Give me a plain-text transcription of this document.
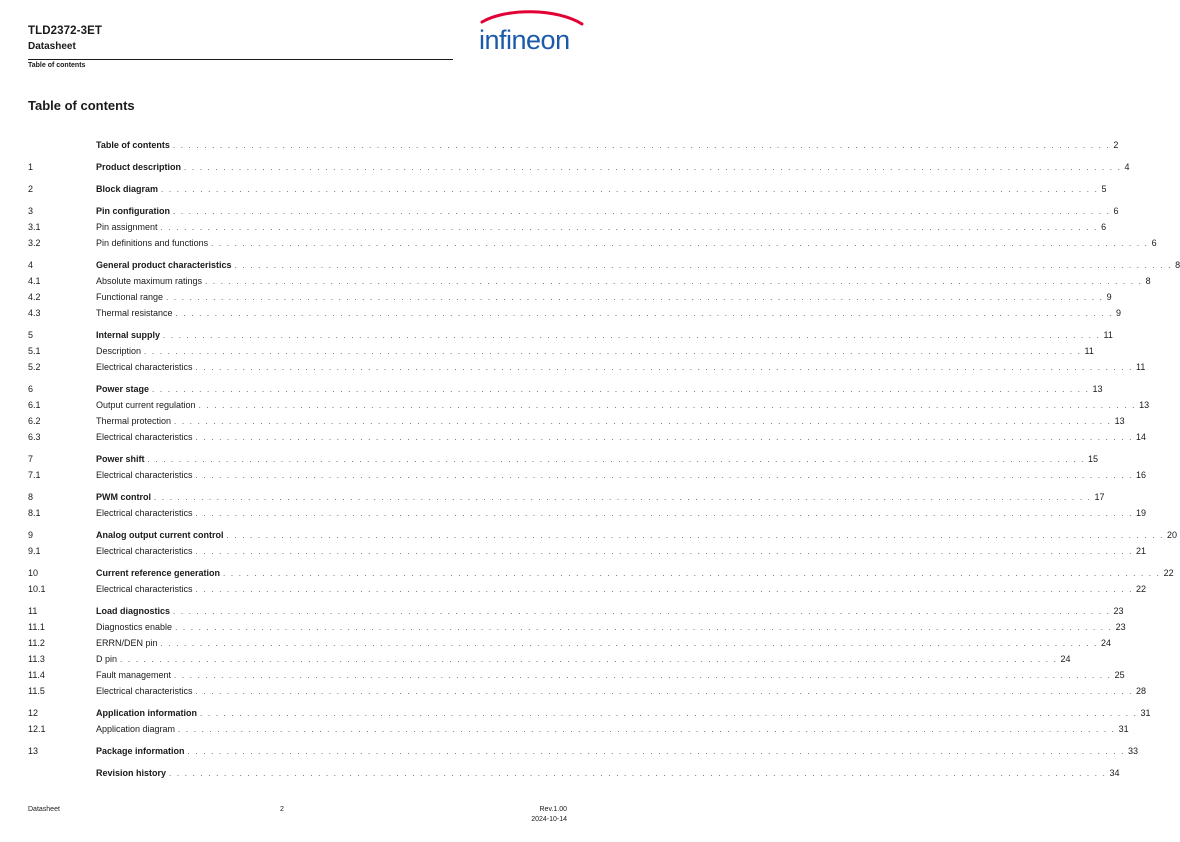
TLD2372-3ET
Datasheet
Table of contents
infineon
Table of contents
Table of contents . . . . . . . . . . . . . . . . . . . . . . . . . . . . . . . . . . . . . . . . . . . . . . . . . . . . . . . . . . . . . . . . . . . . . . . . . . . . . . . . . . . . . . . . . . . . . . . . . . . . . . . . . . . . . . . . . . . . . . . . 2
1	Product description . . . . . . . . . . . . . . . . . . . . . . . . . . . . . . . . . . . . . . . . . . . . . . . . . . . . . . . . . . . . . . . . . . . . . . . . . . . . . . . . . . . . . . . . . . . . . . . . . . . . . . . . . . . . . . . . . . . . . . . . 4
2	Block diagram . . . . . . . . . . . . . . . . . . . . . . . . . . . . . . . . . . . . . . . . . . . . . . . . . . . . . . . . . . . . . . . . . . . . . . . . . . . . . . . . . . . . . . . . . . . . . . . . . . . . . . . . . . . . . . . . . . . . . . . . 5
3	Pin configuration . . . . . . . . . . . . . . . . . . . . . . . . . . . . . . . . . . . . . . . . . . . . . . . . . . . . . . . . . . . . . . . . . . . . . . . . . . . . . . . . . . . . . . . . . . . . . . . . . . . . . . . . . . . . . . . . . . . . . . . . 6
3.1	Pin assignment . . . . . . . . . . . . . . . . . . . . . . . . . . . . . . . . . . . . . . . . . . . . . . . . . . . . . . . . . . . . . . . . . . . . . . . . . . . . . . . . . . . . . . . . . . . . . . . . . . . . . . . . . . . . . . . . . . . . . . . . 6
3.2	Pin definitions and functions . . . . . . . . . . . . . . . . . . . . . . . . . . . . . . . . . . . . . . . . . . . . . . . . . . . . . . . . . . . . . . . . . . . . . . . . . . . . . . . . . . . . . . . . . . . . . . . . . . . . . . . . . . . . . . . . . . . . . . . . 6
4	General product characteristics . . . . . . . . . . . . . . . . . . . . . . . . . . . . . . . . . . . . . . . . . . . . . . . . . . . . . . . . . . . . . . . . . . . . . . . . . . . . . . . . . . . . . . . . . . . . . . . . . . . . . . . . . . . . . . . . . . . . . . . . 8
4.1	Absolute maximum ratings . . . . . . . . . . . . . . . . . . . . . . . . . . . . . . . . . . . . . . . . . . . . . . . . . . . . . . . . . . . . . . . . . . . . . . . . . . . . . . . . . . . . . . . . . . . . . . . . . . . . . . . . . . . . . . . . . . . . . . . . 8
4.2	Functional range . . . . . . . . . . . . . . . . . . . . . . . . . . . . . . . . . . . . . . . . . . . . . . . . . . . . . . . . . . . . . . . . . . . . . . . . . . . . . . . . . . . . . . . . . . . . . . . . . . . . . . . . . . . . . . . . . . . . . . . . 9
4.3	Thermal resistance . . . . . . . . . . . . . . . . . . . . . . . . . . . . . . . . . . . . . . . . . . . . . . . . . . . . . . . . . . . . . . . . . . . . . . . . . . . . . . . . . . . . . . . . . . . . . . . . . . . . . . . . . . . . . . . . . . . . . . . . 9
5	Internal supply . . . . . . . . . . . . . . . . . . . . . . . . . . . . . . . . . . . . . . . . . . . . . . . . . . . . . . . . . . . . . . . . . . . . . . . . . . . . . . . . . . . . . . . . . . . . . . . . . . . . . . . . . . . . . . . . . . . . . . . . 11
5.1	Description . . . . . . . . . . . . . . . . . . . . . . . . . . . . . . . . . . . . . . . . . . . . . . . . . . . . . . . . . . . . . . . . . . . . . . . . . . . . . . . . . . . . . . . . . . . . . . . . . . . . . . . . . . . . . . . . . . . . . . . . 11
5.2	Electrical characteristics . . . . . . . . . . . . . . . . . . . . . . . . . . . . . . . . . . . . . . . . . . . . . . . . . . . . . . . . . . . . . . . . . . . . . . . . . . . . . . . . . . . . . . . . . . . . . . . . . . . . . . . . . . . . . . . . . . . . . . . . 11
6	Power stage . . . . . . . . . . . . . . . . . . . . . . . . . . . . . . . . . . . . . . . . . . . . . . . . . . . . . . . . . . . . . . . . . . . . . . . . . . . . . . . . . . . . . . . . . . . . . . . . . . . . . . . . . . . . . . . . . . . . . . . . 13
6.1	Output current regulation . . . . . . . . . . . . . . . . . . . . . . . . . . . . . . . . . . . . . . . . . . . . . . . . . . . . . . . . . . . . . . . . . . . . . . . . . . . . . . . . . . . . . . . . . . . . . . . . . . . . . . . . . . . . . . . . . . . . . . . . 13
6.2	Thermal protection . . . . . . . . . . . . . . . . . . . . . . . . . . . . . . . . . . . . . . . . . . . . . . . . . . . . . . . . . . . . . . . . . . . . . . . . . . . . . . . . . . . . . . . . . . . . . . . . . . . . . . . . . . . . . . . . . . . . . . . . 13
6.3	Electrical characteristics . . . . . . . . . . . . . . . . . . . . . . . . . . . . . . . . . . . . . . . . . . . . . . . . . . . . . . . . . . . . . . . . . . . . . . . . . . . . . . . . . . . . . . . . . . . . . . . . . . . . . . . . . . . . . . . . . . . . . . . . 14
7	Power shift . . . . . . . . . . . . . . . . . . . . . . . . . . . . . . . . . . . . . . . . . . . . . . . . . . . . . . . . . . . . . . . . . . . . . . . . . . . . . . . . . . . . . . . . . . . . . . . . . . . . . . . . . . . . . . . . . . . . . . . . 15
7.1	Electrical characteristics . . . . . . . . . . . . . . . . . . . . . . . . . . . . . . . . . . . . . . . . . . . . . . . . . . . . . . . . . . . . . . . . . . . . . . . . . . . . . . . . . . . . . . . . . . . . . . . . . . . . . . . . . . . . . . . . . . . . . . . . 16
8	PWM control . . . . . . . . . . . . . . . . . . . . . . . . . . . . . . . . . . . . . . . . . . . . . . . . . . . . . . . . . . . . . . . . . . . . . . . . . . . . . . . . . . . . . . . . . . . . . . . . . . . . . . . . . . . . . . . . . . . . . . . . 17
8.1	Electrical characteristics . . . . . . . . . . . . . . . . . . . . . . . . . . . . . . . . . . . . . . . . . . . . . . . . . . . . . . . . . . . . . . . . . . . . . . . . . . . . . . . . . . . . . . . . . . . . . . . . . . . . . . . . . . . . . . . . . . . . . . . . 19
9	Analog output current control . . . . . . . . . . . . . . . . . . . . . . . . . . . . . . . . . . . . . . . . . . . . . . . . . . . . . . . . . . . . . . . . . . . . . . . . . . . . . . . . . . . . . . . . . . . . . . . . . . . . . . . . . . . . . . . . . . . . . . . . 20
9.1	Electrical characteristics . . . . . . . . . . . . . . . . . . . . . . . . . . . . . . . . . . . . . . . . . . . . . . . . . . . . . . . . . . . . . . . . . . . . . . . . . . . . . . . . . . . . . . . . . . . . . . . . . . . . . . . . . . . . . . . . . . . . . . . . 21
10	Current reference generation . . . . . . . . . . . . . . . . . . . . . . . . . . . . . . . . . . . . . . . . . . . . . . . . . . . . . . . . . . . . . . . . . . . . . . . . . . . . . . . . . . . . . . . . . . . . . . . . . . . . . . . . . . . . . . . . . . . . . . . . 22
10.1	Electrical characteristics . . . . . . . . . . . . . . . . . . . . . . . . . . . . . . . . . . . . . . . . . . . . . . . . . . . . . . . . . . . . . . . . . . . . . . . . . . . . . . . . . . . . . . . . . . . . . . . . . . . . . . . . . . . . . . . . . . . . . . . . 22
11	Load diagnostics . . . . . . . . . . . . . . . . . . . . . . . . . . . . . . . . . . . . . . . . . . . . . . . . . . . . . . . . . . . . . . . . . . . . . . . . . . . . . . . . . . . . . . . . . . . . . . . . . . . . . . . . . . . . . . . . . . . . . . . . 23
11.1	Diagnostics enable . . . . . . . . . . . . . . . . . . . . . . . . . . . . . . . . . . . . . . . . . . . . . . . . . . . . . . . . . . . . . . . . . . . . . . . . . . . . . . . . . . . . . . . . . . . . . . . . . . . . . . . . . . . . . . . . . . . . . . . . 23
11.2	ERRN/DEN pin . . . . . . . . . . . . . . . . . . . . . . . . . . . . . . . . . . . . . . . . . . . . . . . . . . . . . . . . . . . . . . . . . . . . . . . . . . . . . . . . . . . . . . . . . . . . . . . . . . . . . . . . . . . . . . . . . . . . . . . . 24
11.3	D pin . . . . . . . . . . . . . . . . . . . . . . . . . . . . . . . . . . . . . . . . . . . . . . . . . . . . . . . . . . . . . . . . . . . . . . . . . . . . . . . . . . . . . . . . . . . . . . . . . . . . . . . . . . . . . . . . . . . . . . . . 24
11.4	Fault management . . . . . . . . . . . . . . . . . . . . . . . . . . . . . . . . . . . . . . . . . . . . . . . . . . . . . . . . . . . . . . . . . . . . . . . . . . . . . . . . . . . . . . . . . . . . . . . . . . . . . . . . . . . . . . . . . . . . . . . . 25
11.5	Electrical characteristics . . . . . . . . . . . . . . . . . . . . . . . . . . . . . . . . . . . . . . . . . . . . . . . . . . . . . . . . . . . . . . . . . . . . . . . . . . . . . . . . . . . . . . . . . . . . . . . . . . . . . . . . . . . . . . . . . . . . . . . . 28
12	Application information . . . . . . . . . . . . . . . . . . . . . . . . . . . . . . . . . . . . . . . . . . . . . . . . . . . . . . . . . . . . . . . . . . . . . . . . . . . . . . . . . . . . . . . . . . . . . . . . . . . . . . . . . . . . . . . . . . . . . . . . 31
12.1	Application diagram . . . . . . . . . . . . . . . . . . . . . . . . . . . . . . . . . . . . . . . . . . . . . . . . . . . . . . . . . . . . . . . . . . . . . . . . . . . . . . . . . . . . . . . . . . . . . . . . . . . . . . . . . . . . . . . . . . . . . . . . 31
13	Package information . . . . . . . . . . . . . . . . . . . . . . . . . . . . . . . . . . . . . . . . . . . . . . . . . . . . . . . . . . . . . . . . . . . . . . . . . . . . . . . . . . . . . . . . . . . . . . . . . . . . . . . . . . . . . . . . . . . . . . . . 33
Revision history . . . . . . . . . . . . . . . . . . . . . . . . . . . . . . . . . . . . . . . . . . . . . . . . . . . . . . . . . . . . . . . . . . . . . . . . . . . . . . . . . . . . . . . . . . . . . . . . . . . . . . . . . . . . . . . . . . . . . . . . 34
Datasheet	2	Rev.1.00
2024-10-14
